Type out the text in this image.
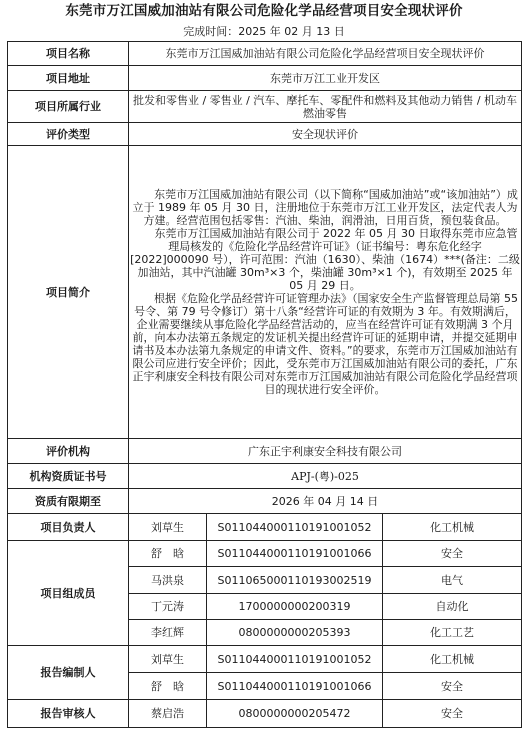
东莞市万江国威加油站有限公司危险化学品经营项目安全现状评价
完成时间：2025 年 02 月 13 日
项目名称	东莞市万江国威加油站有限公司危险化学品经营项目安全现状评价		
项目地址	东莞市万江工业开发区		
项目所属行业	批发和零售业 / 零售业 / 汽车、摩托车、零配件和燃料及其他动力销售 / 机动车燃油零售		
评价类型	安全现状评价		
项目简介	东莞市万江国威加油站有限公司（以下简称“国威加油站”或“该加油站”）成立于 1989 年 05 月 30 日，注册地位于东莞市万江工业开发区，法定代表人为方建。经营范围包括零售：汽油、柴油，润滑油，日用百货，预包装食品。

东莞市万江国威加油站有限公司于 2022 年 05 月 30 日取得东莞市应急管理局核发的《危险化学品经营许可证》（证书编号：粤东危化经字[2022]000090 号），许可范围：汽油（1630）、柴油（1674）***(备注：二级加油站，其中汽油罐 30m³×3 个，柴油罐 30m³×1 个)，有效期至 2025 年 05 月 29 日。

根据《危险化学品经营许可证管理办法》（国家安全生产监督管理总局第 55 号令、第 79 号令修订）第十八条“经营许可证的有效期为 3 年。有效期满后，企业需要继续从事危险化学品经营活动的，应当在经营许可证有效期满 3 个月前，向本办法第五条规定的发证机关提出经营许可证的延期申请，并提交延期申请书及本办法第九条规定的申请文件、资料。”的要求，东莞市万江国威加油站有限公司应进行安全评价；因此，受东莞市万江国威加油站有限公司的委托，广东正宇利康安全科技有限公司对东莞市万江国威加油站有限公司危险化学品经营项目的现状进行安全评价。		

评价机构	广东正宇利康安全科技有限公司		
机构资质证书号	APJ-(粤)-025		
资质有限期至	2026 年 04 月 14 日		
项目负责人	刘草生	S011044000110191001052	化工机械
项目组成员	舒　晗	S011044000110191001066	安全
	马洪泉	S011065000110193002519	电气
	丁元涛	1700000000200319	自动化
	李红辉	0800000000205393	化工工艺
报告编制人	刘草生	S011044000110191001052	化工机械
	舒　晗	S011044000110191001066	安全
报告审核人	蔡启浩	0800000000205472	安全
